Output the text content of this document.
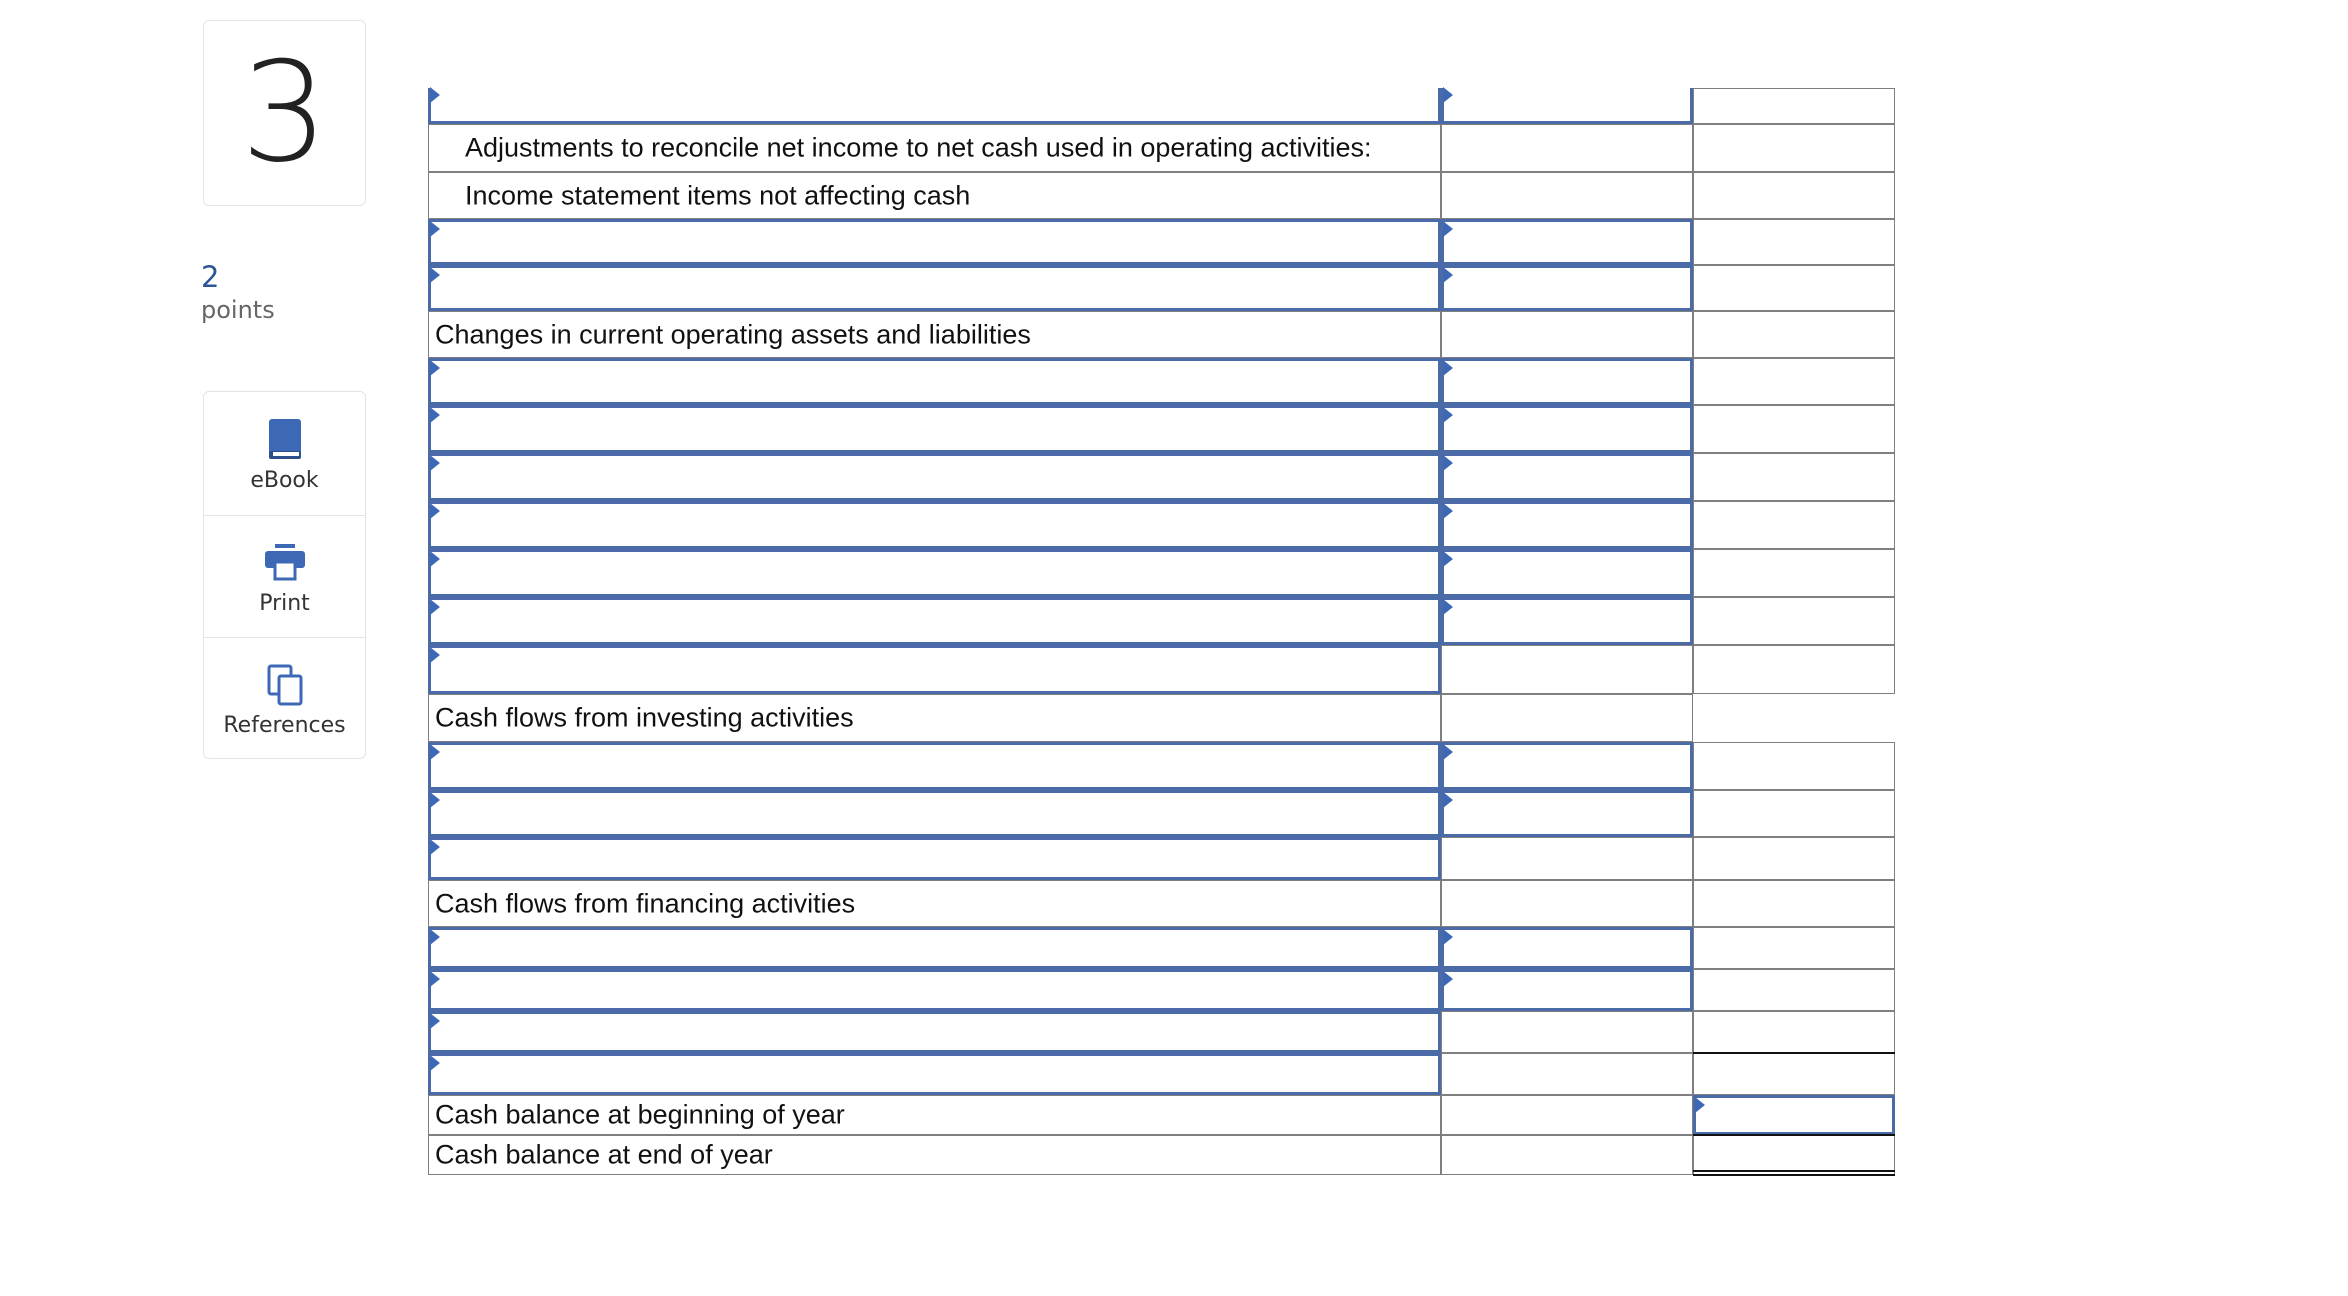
3
2
points
eBook
Print
References
Adjustments to reconcile net income to net cash used in operating activities:
Income statement items not affecting cash
Changes in current operating assets and liabilities
Cash flows from investing activities
Cash flows from financing activities
Cash balance at beginning of year
Cash balance at end of year
